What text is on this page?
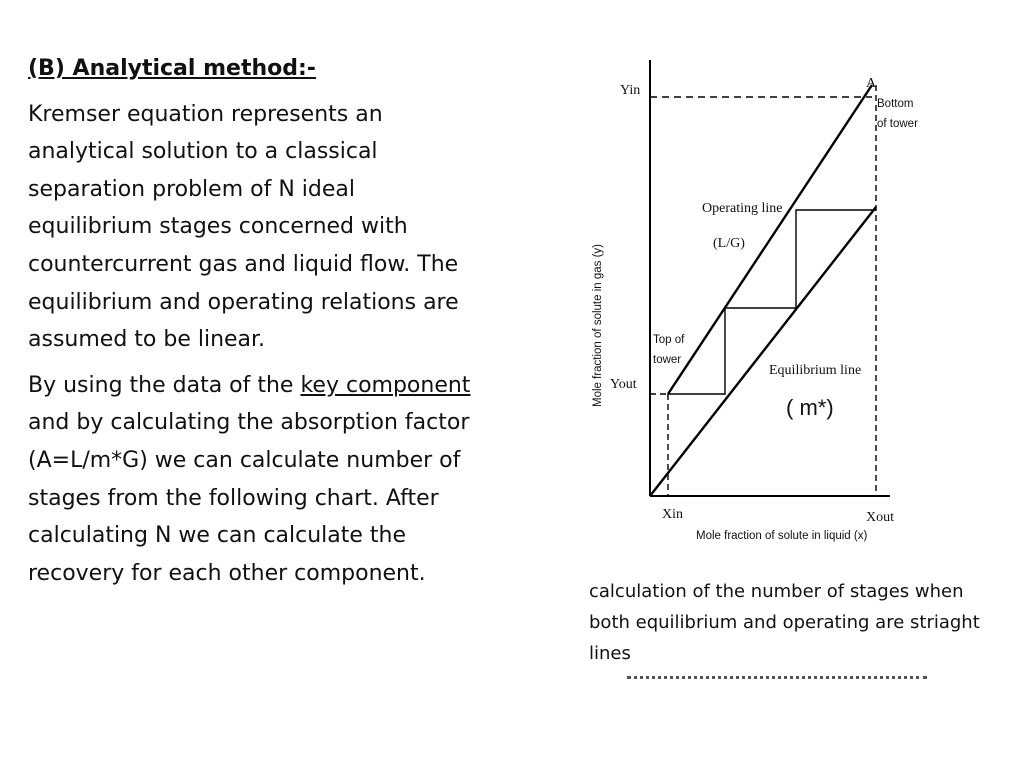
(B) Analytical method:-

Kremser equation represents an analytical solution to a classical separation problem of N ideal equilibrium stages concerned with countercurrent gas and liquid flow. The equilibrium and operating relations are assumed to be linear.

By using the data of the key component and by calculating the absorption factor (A=L/m*G) we can calculate number of stages from the following chart. After calculating N we can calculate the recovery for each other component.

Yin
Yout
Xin	Xout
A
Bottom
of tower
Top of
tower
Operating line
(L/G)
Equilibrium line
( m*)
Mole fraction of solute in liquid (x)
Mole fraction of solute in gas (y)
calculation of the number of stages when both equilibrium and operating are striaght lines
